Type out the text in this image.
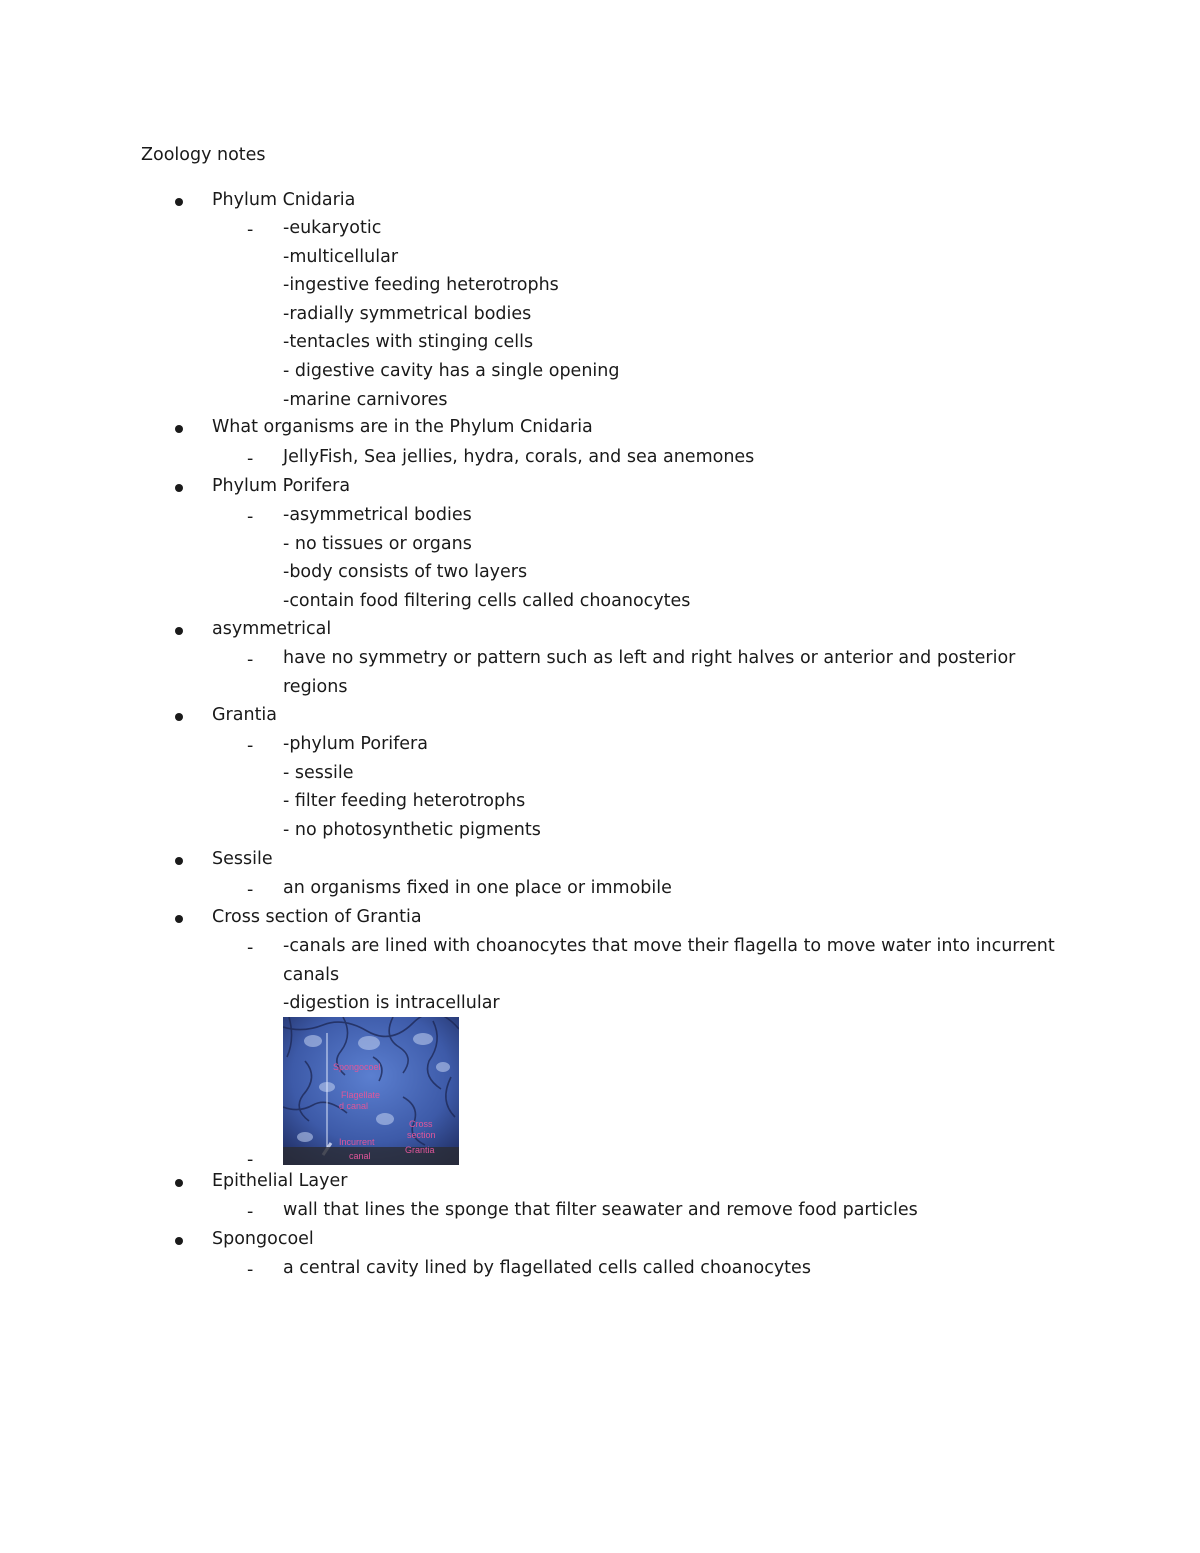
Zoology notes
Phylum Cnidaria
- -eukaryotic
-multicellular
-ingestive feeding heterotrophs
-radially symmetrical bodies
-tentacles with stinging cells
- digestive cavity has a single opening
-marine carnivores
What organisms are in the Phylum Cnidaria
- JellyFish, Sea jellies, hydra, corals, and sea anemones
Phylum Porifera
- -asymmetrical bodies
- no tissues or organs
-body consists of two layers
-contain food filtering cells called choanocytes
asymmetrical
- have no symmetry or pattern such as left and right halves or anterior and posterior
regions
Grantia
- -phylum Porifera
- sessile
- filter feeding heterotrophs
- no photosynthetic pigments
Sessile
- an organisms fixed in one place or immobile
Cross section of Grantia
- -canals are lined with choanocytes that move their flagella to move water into incurrent
canals
-digestion is intracellular
-
Spongocoel
Flagellate
d canal
Cross
section
Grantia
Incurrent
canal
Epithelial Layer
- wall that lines the sponge that filter seawater and remove food particles
Spongocoel
- a central cavity lined by flagellated cells called choanocytes
